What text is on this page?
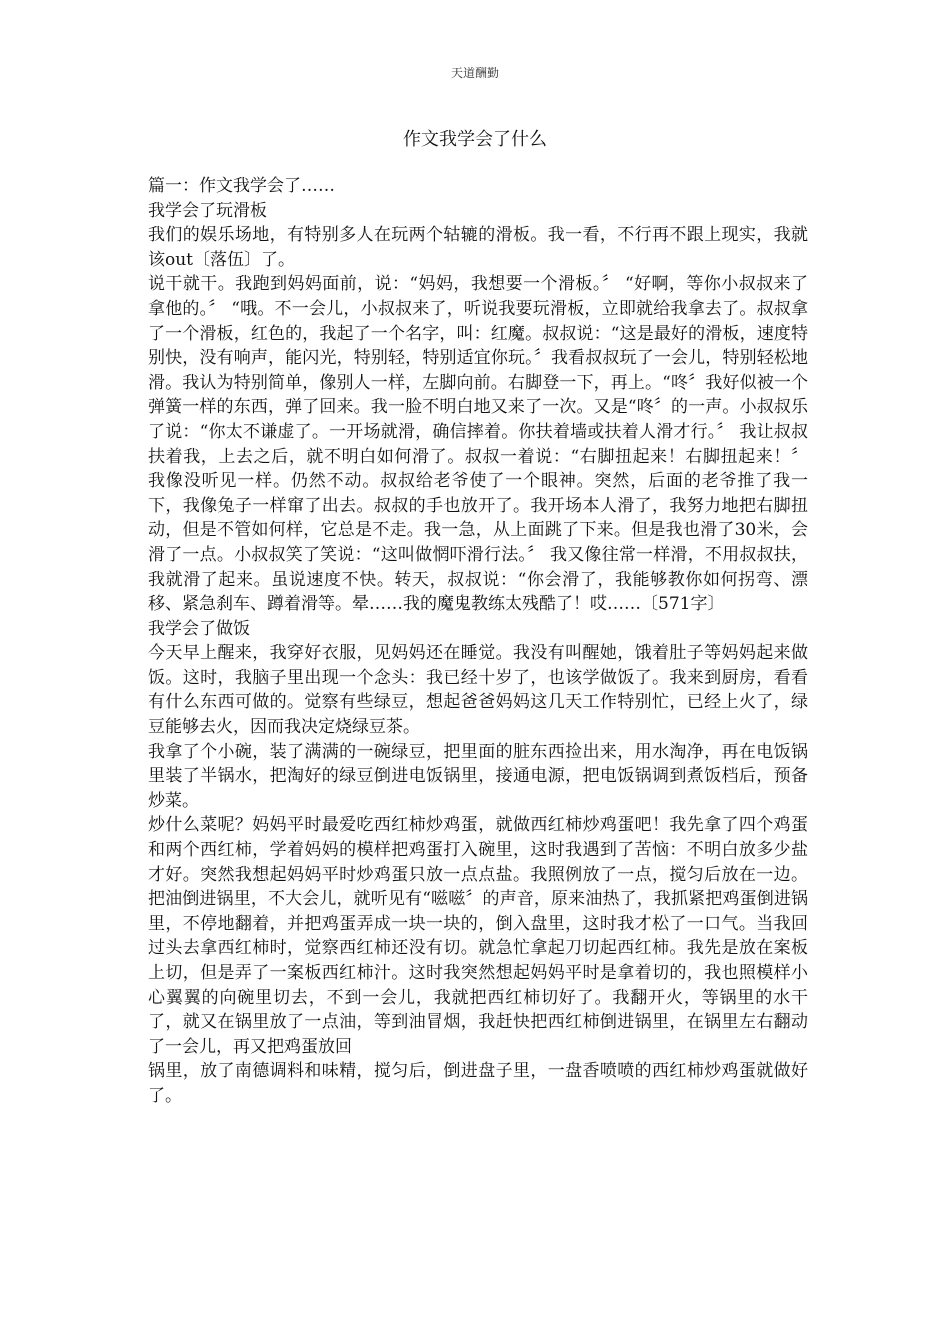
天道酬勤
作文我学会了什么

篇一：作文我学会了……

我学会了玩滑板

我们的娱乐场地，有特别多人在玩两个轱辘的滑板。我一看，不行再不跟上现实，我就该out〔落伍〕了。

说干就干。我跑到妈妈面前，说：“妈妈，我想要一个滑板。〞 “好啊，等你小叔叔来了拿他的。〞 “哦。不一会儿，小叔叔来了，听说我要玩滑板，立即就给我拿去了。叔叔拿了一个滑板，红色的，我起了一个名字，叫：红魔。叔叔说：“这是最好的滑板，速度特别快，没有响声，能闪光，特别轻，特别适宜你玩。〞我看叔叔玩了一会儿，特别轻松地滑。我认为特别简单，像别人一样，左脚向前。右脚登一下，再上。“咚〞我好似被一个弹簧一样的东西，弹了回来。我一脸不明白地又来了一次。又是“咚〞的一声。小叔叔乐了说：“你太不谦虚了。一开场就滑，确信摔着。你扶着墙或扶着人滑才行。〞 我让叔叔扶着我，上去之后，就不明白如何滑了。叔叔一着说：“右脚扭起来！右脚扭起来！〞 我像没听见一样。仍然不动。叔叔给老爷使了一个眼神。突然，后面的老爷推了我一下，我像兔子一样窜了出去。叔叔的手也放开了。我开场本人滑了，我努力地把右脚扭动，但是不管如何样，它总是不走。我一急，从上面跳了下来。但是我也滑了30米，会滑了一点。小叔叔笑了笑说：“这叫做惘吓滑行法。〞 我又像往常一样滑，不用叔叔扶，我就滑了起来。虽说速度不快。转天，叔叔说：“你会滑了，我能够教你如何拐弯、漂移、紧急刹车、蹲着滑等。晕……我的魔鬼教练太残酷了！哎……〔571字〕

我学会了做饭

今天早上醒来，我穿好衣服，见妈妈还在睡觉。我没有叫醒她，饿着肚子等妈妈起来做饭。这时，我脑子里出现一个念头：我已经十岁了，也该学做饭了。我来到厨房，看看有什么东西可做的。觉察有些绿豆，想起爸爸妈妈这几天工作特别忙，已经上火了，绿豆能够去火，因而我决定烧绿豆茶。

我拿了个小碗，装了满满的一碗绿豆，把里面的脏东西捡出来，用水淘净，再在电饭锅里装了半锅水，把淘好的绿豆倒进电饭锅里，接通电源，把电饭锅调到煮饭档后，预备炒菜。

炒什么菜呢？妈妈平时最爱吃西红柿炒鸡蛋，就做西红柿炒鸡蛋吧！我先拿了四个鸡蛋和两个西红柿，学着妈妈的模样把鸡蛋打入碗里，这时我遇到了苦恼：不明白放多少盐才好。突然我想起妈妈平时炒鸡蛋只放一点点盐。我照例放了一点，搅匀后放在一边。把油倒进锅里，不大会儿，就听见有“嗞嗞〞的声音，原来油热了，我抓紧把鸡蛋倒进锅里，不停地翻着，并把鸡蛋弄成一块一块的，倒入盘里，这时我才松了一口气。当我回过头去拿西红柿时，觉察西红柿还没有切。就急忙拿起刀切起西红柿。我先是放在案板上切，但是弄了一案板西红柿汁。这时我突然想起妈妈平时是拿着切的，我也照模样小心翼翼的向碗里切去，不到一会儿，我就把西红柿切好了。我翻开火，等锅里的水干了，就又在锅里放了一点油，等到油冒烟，我赶快把西红柿倒进锅里，在锅里左右翻动了一会儿，再又把鸡蛋放回

锅里，放了南德调料和味精，搅匀后，倒进盘子里，一盘香喷喷的西红柿炒鸡蛋就做好了。
